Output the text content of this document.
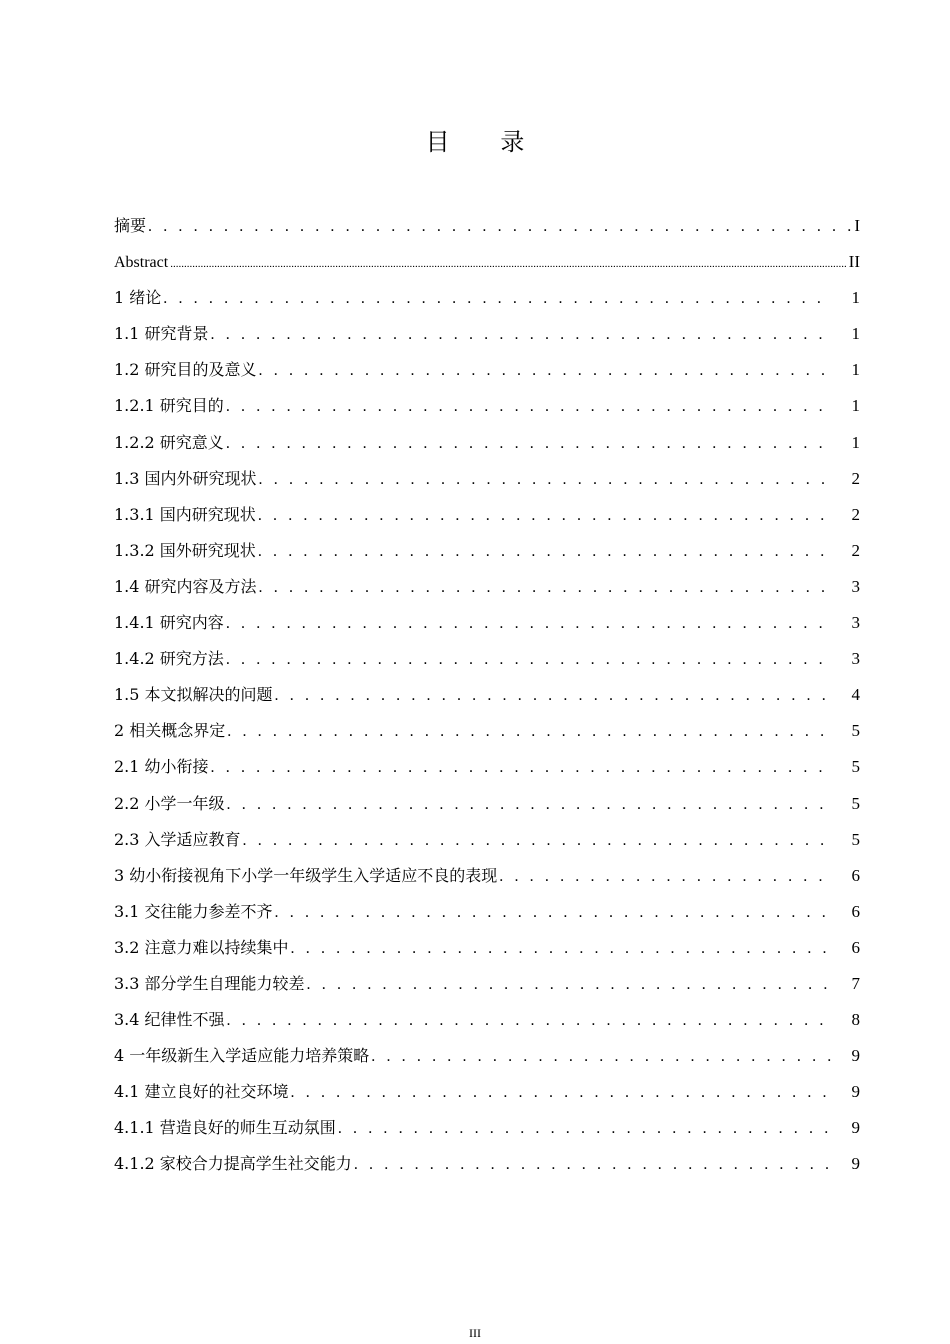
目 录
摘要 . . .	I
Abstract .....	II
1 绪论 . . .	1
1.1 研究背景 . . .	1
1.2 研究目的及意义 . . .	1
1.2.1 研究目的 . . .	1
1.2.2 研究意义 . . .	1
1.3 国内外研究现状 . . .	2
1.3.1 国内研究现状 . . .	2
1.3.2 国外研究现状 . . .	2
1.4 研究内容及方法 . . .	3
1.4.1 研究内容 . . .	3
1.4.2 研究方法 . . .	3
1.5 本文拟解决的问题 . . .	4
2 相关概念界定 . . .	5
2.1 幼小衔接 . . .	5
2.2 小学一年级 . . .	5
2.3 入学适应教育 . . .	5
3 幼小衔接视角下小学一年级学生入学适应不良的表现 . . .	6
3.1 交往能力参差不齐 . . .	6
3.2 注意力难以持续集中 . . .	6
3.3 部分学生自理能力较差 . . .	7
3.4 纪律性不强 . . .	8
4 一年级新生入学适应能力培养策略 . . .	9
4.1 建立良好的社交环境 . . .	9
4.1.1 营造良好的师生互动氛围 . . .	9
4.1.2 家校合力提高学生社交能力 . . .	9
III
